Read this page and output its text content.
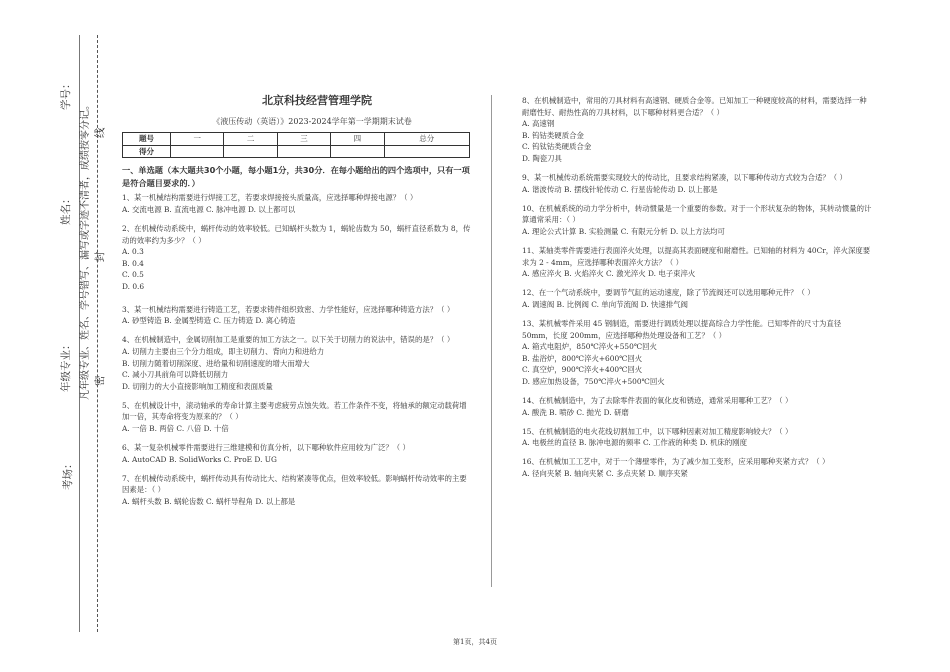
学号：
姓名：
年级专业：
考场：
凡年级专业、姓名、学号错写、漏写或字迹不清者，成绩按零分记。 密
封
线
北京科技经营管理学院
《液压传动（英语）》2023-2024学年第一学期期末试卷
题号	一	二	三	四	总分
得分					
一、单选题（本大题共30个小题，每小题1分，共30分．在每小题给出的四个选项中，只有一项是符合题目要求的．）
1、某一机械结构需要进行焊接工艺，若要求焊接接头质量高，应选择哪种焊接电源？（ ）
A. 交流电源 B. 直流电源 C. 脉冲电源 D. 以上都可以
2、在机械传动系统中，蜗杆传动的效率较低。已知蜗杆头数为 1，蜗轮齿数为 50，蜗杆直径系数为 8，传动的效率约为多少？（ ）
A. 0.3
B. 0.4
C. 0.5
D. 0.6
3、某一机械结构需要进行铸造工艺，若要求铸件组织致密、力学性能好，应选择哪种铸造方法？（ ）
A. 砂型铸造 B. 金属型铸造 C. 压力铸造 D. 离心铸造
4、在机械制造中，金属切削加工是重要的加工方法之一。以下关于切削力的说法中，错误的是？（ ）
A. 切削力主要由三个分力组成，即主切削力、背向力和进给力
B. 切削力随着切削深度、进给量和切削速度的增大而增大
C. 减小刀具前角可以降低切削力
D. 切削力的大小直接影响加工精度和表面质量
5、在机械设计中，滚动轴承的寿命计算主要考虑疲劳点蚀失效。若工作条件不变，将轴承的额定动载荷增加一倍，其寿命将变为原来的？（ ）
A. 一倍 B. 两倍 C. 八倍 D. 十倍
6、某一复杂机械零件需要进行三维建模和仿真分析，以下哪种软件应用较为广泛？（ ）
A. AutoCAD B. SolidWorks C. ProE D. UG
7、在机械传动系统中，蜗杆传动具有传动比大、结构紧凑等优点，但效率较低。影响蜗杆传动效率的主要因素是：（ ）
A. 蜗杆头数 B. 蜗轮齿数 C. 蜗杆导程角 D. 以上都是
8、在机械制造中，常用的刀具材料有高速钢、硬质合金等。已知加工一种硬度较高的材料，需要选择一种耐磨性好、耐热性高的刀具材料，以下哪种材料更合适？（ ）
A. 高速钢
B. 钨钴类硬质合金
C. 钨钛钴类硬质合金
D. 陶瓷刀具
9、某一机械传动系统需要实现较大的传动比，且要求结构紧凑，以下哪种传动方式较为合适？（ ）
A. 谐波传动 B. 摆线针轮传动 C. 行星齿轮传动 D. 以上都是
10、在机械系统的动力学分析中，转动惯量是一个重要的参数。对于一个形状复杂的物体，其转动惯量的计算通常采用：（ ）
A. 理论公式计算 B. 实验测量 C. 有限元分析 D. 以上方法均可
11、某轴类零件需要进行表面淬火处理，以提高其表面硬度和耐磨性。已知轴的材料为 40Cr，淬火深度要求为 2 - 4mm，应选择哪种表面淬火方法？（ ）
A. 感应淬火 B. 火焰淬火 C. 激光淬火 D. 电子束淬火
12、在一个气动系统中，要调节气缸的运动速度，除了节流阀还可以选用哪种元件？（ ）
A. 调速阀 B. 比例阀 C. 单向节流阀 D. 快速排气阀
13、某机械零件采用 45 钢制造，需要进行调质处理以提高综合力学性能。已知零件的尺寸为直径 50mm，长度 200mm，应选择哪种热处理设备和工艺？（ ）
A. 箱式电阻炉，850℃淬火+550℃回火
B. 盐浴炉，800℃淬火+600℃回火
C. 真空炉，900℃淬火+400℃回火
D. 感应加热设备，750℃淬火+500℃回火
14、在机械制造中，为了去除零件表面的氧化皮和锈迹，通常采用哪种工艺？（ ）
A. 酸洗 B. 喷砂 C. 抛光 D. 研磨
15、在机械制造的电火花线切割加工中，以下哪种因素对加工精度影响较大？（ ）
A. 电极丝的直径 B. 脉冲电源的频率 C. 工作液的种类 D. 机床的刚度
16、在机械加工工艺中，对于一个薄壁零件，为了减少加工变形，应采用哪种夹紧方式？（ ）
A. 径向夹紧 B. 轴向夹紧 C. 多点夹紧 D. 顺序夹紧
第1页，共4页
